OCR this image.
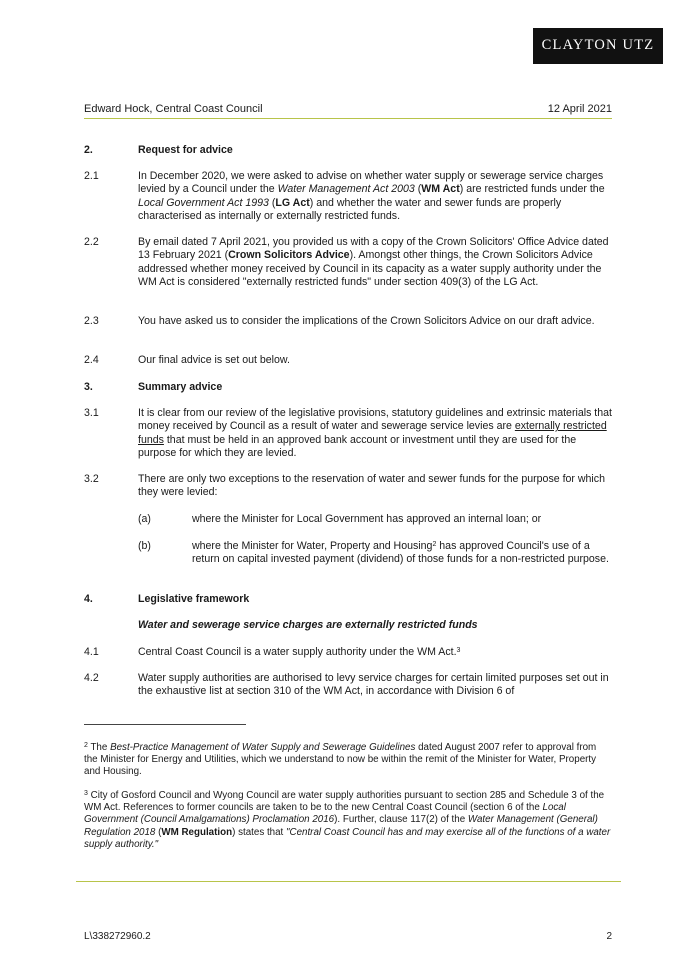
CLAYTON UTZ
Edward Hock, Central Coast Council	12 April 2021
2.	Request for advice
2.1	In December 2020, we were asked to advise on whether water supply or sewerage service charges levied by a Council under the Water Management Act 2003 (WM Act) are restricted funds under the Local Government Act 1993 (LG Act) and whether the water and sewer funds are properly characterised as internally or externally restricted funds.
2.2	By email dated 7 April 2021, you provided us with a copy of the Crown Solicitors' Office Advice dated 13 February 2021 (Crown Solicitors Advice). Amongst other things, the Crown Solicitors Advice addressed whether money received by Council in its capacity as a water supply authority under the WM Act is considered "externally restricted funds" under section 409(3) of the LG Act.
2.3	You have asked us to consider the implications of the Crown Solicitors Advice on our draft advice.
2.4	Our final advice is set out below.
3.	Summary advice
3.1	It is clear from our review of the legislative provisions, statutory guidelines and extrinsic materials that money received by Council as a result of water and sewerage service levies are externally restricted funds that must be held in an approved bank account or investment until they are used for the purpose for which they are levied.
3.2	There are only two exceptions to the reservation of water and sewer funds for the purpose for which they were levied:
(a)	where the Minister for Local Government has approved an internal loan; or
(b)	where the Minister for Water, Property and Housing$^2$ has approved Council's use of a return on capital invested payment (dividend) of those funds for a non-restricted purpose.
4.	Legislative framework
Water and sewerage service charges are externally restricted funds
4.1	Central Coast Council is a water supply authority under the WM Act.$^3$
4.2	Water supply authorities are authorised to levy service charges for certain limited purposes set out in the exhaustive list at section 310 of the WM Act, in accordance with Division 6 of
$^2$ The Best-Practice Management of Water Supply and Sewerage Guidelines dated August 2007 refer to approval from the Minister for Energy and Utilities, which we understand to now be within the remit of the Minister for Water, Property and Housing.
$^3$ City of Gosford Council and Wyong Council are water supply authorities pursuant to section 285 and Schedule 3 of the WM Act. References to former councils are taken to be to the new Central Coast Council (section 6 of the Local Government (Council Amalgamations) Proclamation 2016). Further, clause 117(2) of the Water Management (General) Regulation 2018 (WM Regulation) states that "Central Coast Council has and may exercise all of the functions of a water supply authority."
L\338272960.2	2
